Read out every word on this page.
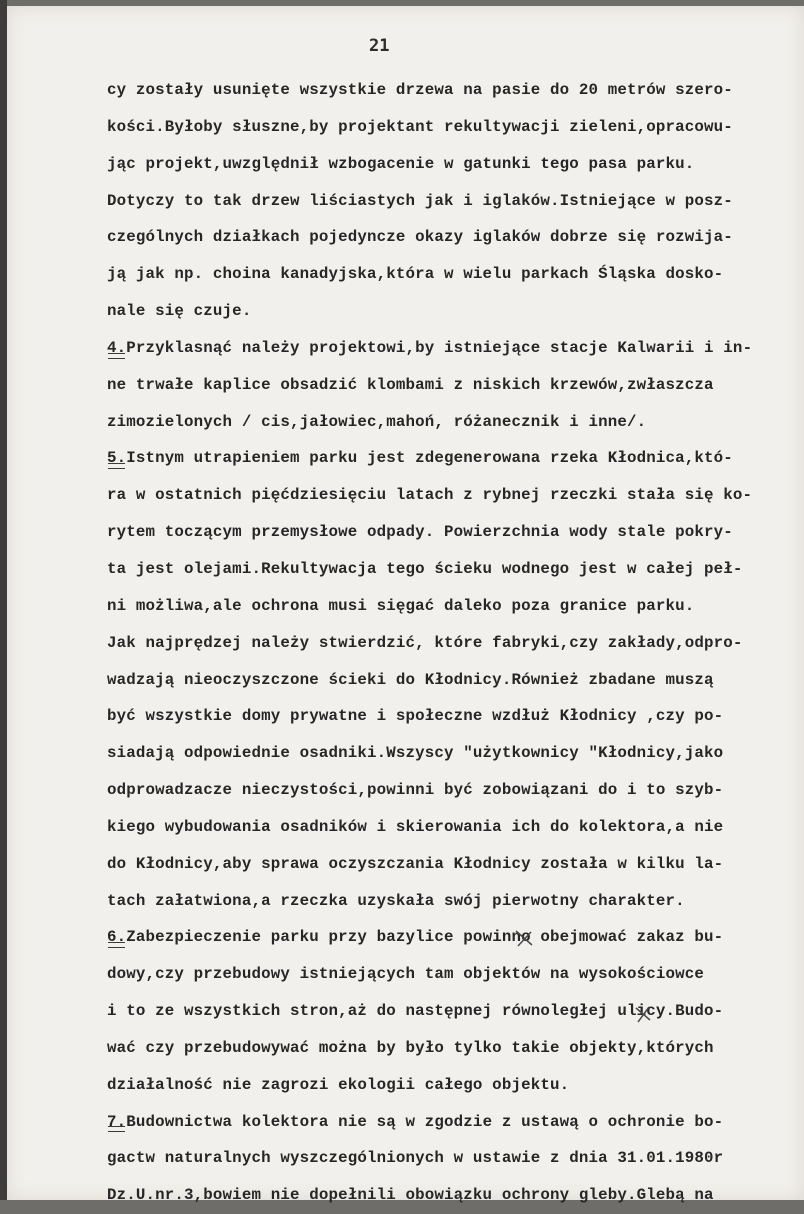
21
cy zostały usunięte wszystkie drzewa na pasie do 20 metrów szero-
kości.Byłoby słuszne,by projektant rekultywacji zieleni,opracowu-
jąc projekt,uwzględnił wzbogacenie w gatunki tego pasa parku.
Dotyczy to tak drzew liściastych jak i iglaków.Istniejące w posz-
czególnych działkach pojedyncze okazy iglaków dobrze się rozwija-
ją jak np. choina kanadyjska,która w wielu parkach Śląska dosko-
nale się czuje.
4.Przyklasnąć należy projektowi,by istniejące stacje Kalwarii i in-
ne trwałe kaplice obsadzić klombami z niskich krzewów,zwłaszcza
zimozielonych / cis,jałowiec,mahoń, różanecznik i inne/.
5.Istnym utrapieniem parku jest zdegenerowana rzeka Kłodnica,któ-
ra w ostatnich pięćdziesięciu latach z rybnej rzeczki stała się ko-
rytem toczącym przemysłowe odpady. Powierzchnia wody stale pokry-
ta jest olejami.Rekultywacja tego ścieku wodnego jest w całej peł-
ni możliwa,ale ochrona musi sięgać daleko poza granice parku.
Jak najprędzej należy stwierdzić, które fabryki,czy zakłady,odpro-
wadzają nieoczyszczone ścieki do Kłodnicy.Również zbadane muszą
być wszystkie domy prywatne i społeczne wzdłuż Kłodnicy ,czy po-
siadają odpowiednie osadniki.Wszyscy "użytkownicy "Kłodnicy,jako
odprowadzacze nieczystości,powinni być zobowiązani do i to szyb-
kiego wybudowania osadników i skierowania ich do kolektora,a nie
do Kłodnicy,aby sprawa oczyszczania Kłodnicy została w kilku la-
tach załatwiona,a rzeczka uzyskała swój pierwotny charakter.
6.Zabezpieczenie parku przy bazylice powinno obejmować zakaz bu-
dowy,czy przebudowy istniejących tam objektów na wysokościowce
i to ze wszystkich stron,aż do następnej równoległej ulicy.Budo-
wać czy przebudowywać można by było tylko takie objekty,których
działalność nie zagrozi ekologii całego objektu.
7.Budownictwa kolektora nie są w zgodzie z ustawą o ochronie bo-
gactw naturalnych wyszczególnionych w ustawie z dnia 31.01.1980r
Dz.U.nr.3,bowiem nie dopełnili obowiązku ochrony gleby.Glebą na
